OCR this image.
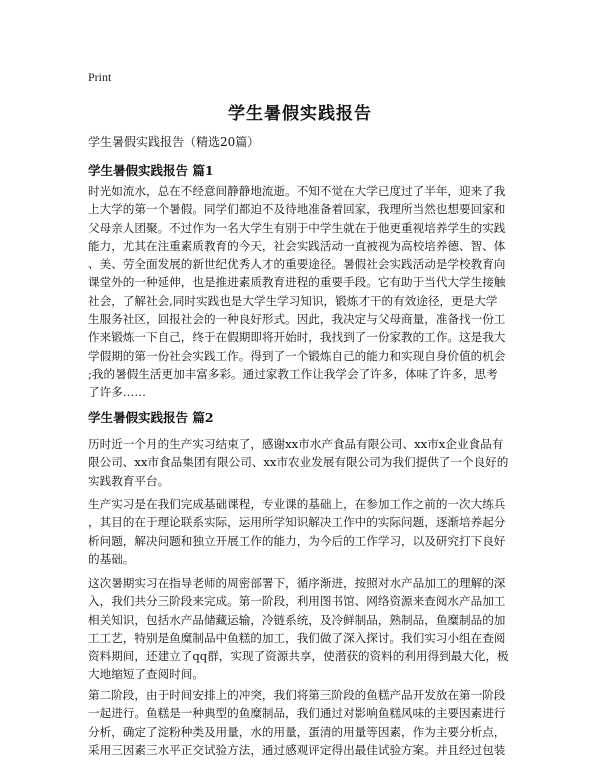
Print
学生暑假实践报告

学生暑假实践报告（精选20篇）

学生暑假实践报告 篇1

时光如流水，总在不经意间静静地流逝。不知不觉在大学已度过了半年，迎来了我
上大学的第一个暑假。同学们都迫不及待地准备着回家，我理所当然也想要回家和
父母亲人团聚。不过作为一名大学生有别于中学生就在于他更重视培养学生的实践
能力，尤其在注重素质教育的今天，社会实践活动一直被视为高校培养德、智、体
、美、劳全面发展的新世纪优秀人才的重要途径。暑假社会实践活动是学校教育向
课堂外的一种延伸，也是推进素质教育进程的重要手段。它有助于当代大学生接触
社会，了解社会,同时实践也是大学生学习知识，锻炼才干的有效途径，更是大学
生服务社区，回报社会的一种良好形式。因此，我决定与父母商量，准备找一份工
作来锻炼一下自己，终于在假期即将开始时，我找到了一份家教的工作。这是我大
学假期的第一份社会实践工作。得到了一个锻炼自己的能力和实现自身价值的机会
;我的暑假生活更加丰富多彩。通过家教工作让我学会了许多，体味了许多，思考
了许多……

学生暑假实践报告 篇2

历时近一个月的生产实习结束了，感谢xx市水产食品有限公司、xx市x企业食品有
限公司、xx市食品集团有限公司、xx市农业发展有限公司为我们提供了一个良好的
实践教育平台。

生产实习是在我们完成基础课程，专业课的基础上，在参加工作之前的一次大练兵
，其目的在于理论联系实际，运用所学知识解决工作中的实际问题，逐渐培养起分
析问题，解决问题和独立开展工作的能力，为今后的工作学习，以及研究打下良好
的基础。

这次暑期实习在指导老师的周密部署下，循序渐进，按照对水产品加工的理解的深
入，我们共分三阶段来完成。第一阶段，利用图书馆、网络资源来查阅水产品加工
相关知识，包括水产品储藏运输，冷链系统，及冷鲜制品，熟制品，鱼糜制品的加
工工艺，特别是鱼糜制品中鱼糕的加工，我们做了深入探讨。我们实习小组在查阅
资料期间，还建立了qq群，实现了资源共享，使潜获的资料的利用得到最大化，极
大地缩短了查阅时间。

第二阶段，由于时间安排上的冲突，我们将第三阶段的鱼糕产品开发放在第一阶段
一起进行。鱼糕是一种典型的鱼糜制品，我们通过对影响鱼糕风味的主要因素进行
分析，确定了淀粉种类及用量，水的用量，蛋清的用量等因素，作为主要分析点，
采用三因素三水平正交试验方法，通过感观评定得出最佳试验方案。并且经过包装
